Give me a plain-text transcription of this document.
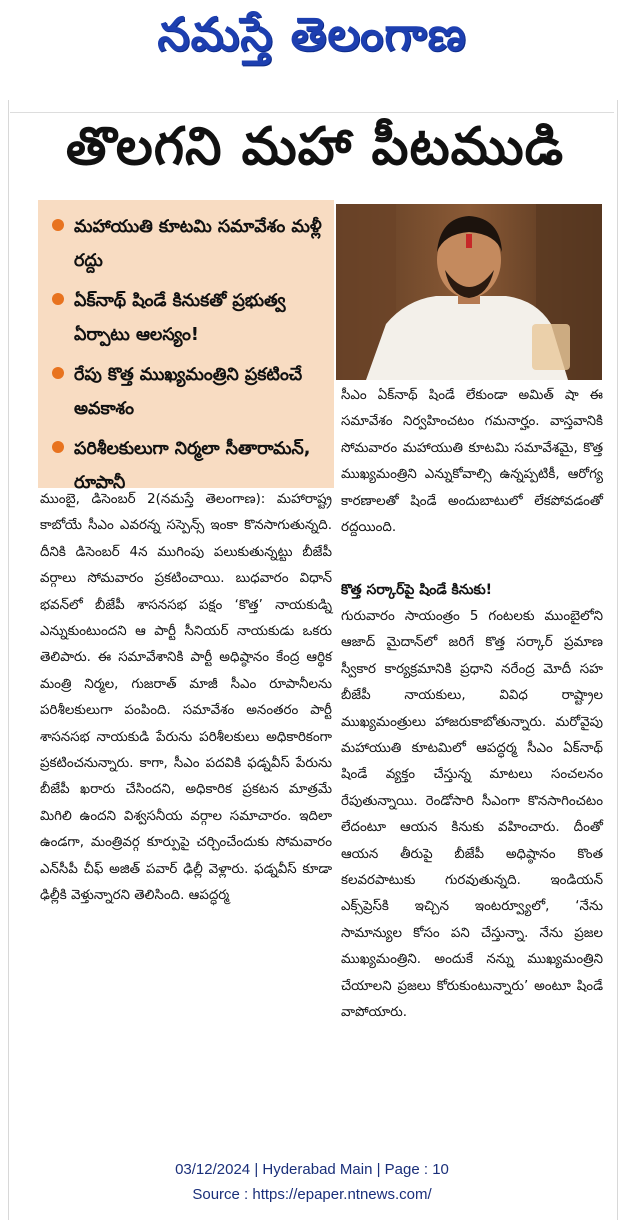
నమస్తే తెలంగాణ
తొలగని మహా పీటముడి
మహాయుతి కూటమి సమావేశం మళ్లీ రద్దు
ఏక్‌నాథ్ షిండే కినుకతో ప్రభుత్వ ఏర్పాటు ఆలస్యం!
రేపు కొత్త ముఖ్యమంత్రిని ప్రకటించే అవకాశం
పరిశీలకులుగా నిర్మలా సీతారామన్, రూపానీ

ముంబై, డిసెంబర్ 2(నమస్తే తెలంగాణ): మహారాష్ట్ర కాబోయే సీఎం ఎవరన్న సస్పెన్స్ ఇంకా కొనసాగుతున్నది. దీనికి డిసెంబర్ 4న ముగింపు పలుకుతున్నట్టు బీజేపీ వర్గాలు సోమవారం ప్రకటించాయి. బుధవారం విధాన్ భవన్‌లో బీజేపీ శాసనసభ పక్షం ‘కొత్త’ నాయకుడ్ని ఎన్నుకుంటుందని ఆ పార్టీ సీనియర్ నాయకుడు ఒకరు తెలిపారు. ఈ సమావేశానికి పార్టీ అధిష్ఠానం కేంద్ర ఆర్థిక మంత్రి నిర్మల, గుజరాత్ మాజీ సీఎం రూపానీలను పరిశీలకులుగా పంపింది. సమావేశం అనంతరం పార్టీ శాసనసభ నాయకుడి పేరును పరిశీలకులు అధికారికంగా ప్రకటించనున్నారు. కాగా, సీఎం పదవికి ఫడ్నవీస్ పేరును బీజేపీ ఖరారు చేసిందని, అధికారిక ప్రకటన మాత్రమే మిగిలి ఉందని విశ్వసనీయ వర్గాల సమాచారం. ఇదిలా ఉండగా, మంత్రివర్గ కూర్పుపై చర్చించేందుకు సోమవారం ఎన్‌సీపీ చీఫ్ అజిత్ పవార్ ఢిల్లీ వెళ్లారు. ఫడ్నవీస్ కూడా ఢిల్లీకి వెళ్తున్నారని తెలిసింది. ఆపద్ధర్మ

సీఎం ఏక్‌నాథ్ షిండే లేకుండా అమిత్ షా ఈ సమావేశం నిర్వహించటం గమనార్హం. వాస్తవానికి సోమవారం మహాయుతి కూటమి సమావేశమై, కొత్త ముఖ్యమంత్రిని ఎన్నుకోవాల్సి ఉన్నప్పటికీ, ఆరోగ్య కారణాలతో షిండే అందుబాటులో లేకపోవడంతో రద్దయింది.

కొత్త సర్కార్‌పై షిండే కినుకు!

గురువారం సాయంత్రం 5 గంటలకు ముంబైలోని ఆజాద్ మైదాన్‌లో జరిగే కొత్త సర్కార్ ప్రమాణ స్వీకార కార్యక్రమానికి ప్రధాని నరేంద్ర మోదీ సహ బీజేపీ నాయకులు, వివిధ రాష్ట్రాల ముఖ్యమంత్రులు హాజరుకాబోతున్నారు. మరోవైపు మహాయుతి కూటమిలో ఆపద్ధర్మ సీఎం ఏక్‌నాథ్ షిండే వ్యక్తం చేస్తున్న మాటలు సంచలనం రేపుతున్నాయి. రెండోసారి సీఎంగా కొనసాగించటం లేదంటూ ఆయన కినుకు వహించారు. దీంతో ఆయన తీరుపై బీజేపీ అధిష్ఠానం కొంత కలవరపాటుకు గురవుతున్నది. ఇండియన్ ఎక్స్‌ప్రెస్‌కి ఇచ్చిన ఇంటర్వ్యూలో, ‘నేను సామాన్యుల కోసం పని చేస్తున్నా. నేను ప్రజల ముఖ్యమంత్రిని. అందుకే నన్ను ముఖ్యమంత్రిని చేయాలని ప్రజలు కోరుకుంటున్నారు’ అంటూ షిండే వాపోయారు.

03/12/2024 | Hyderabad Main | Page : 10
Source : https://epaper.ntnews.com/
